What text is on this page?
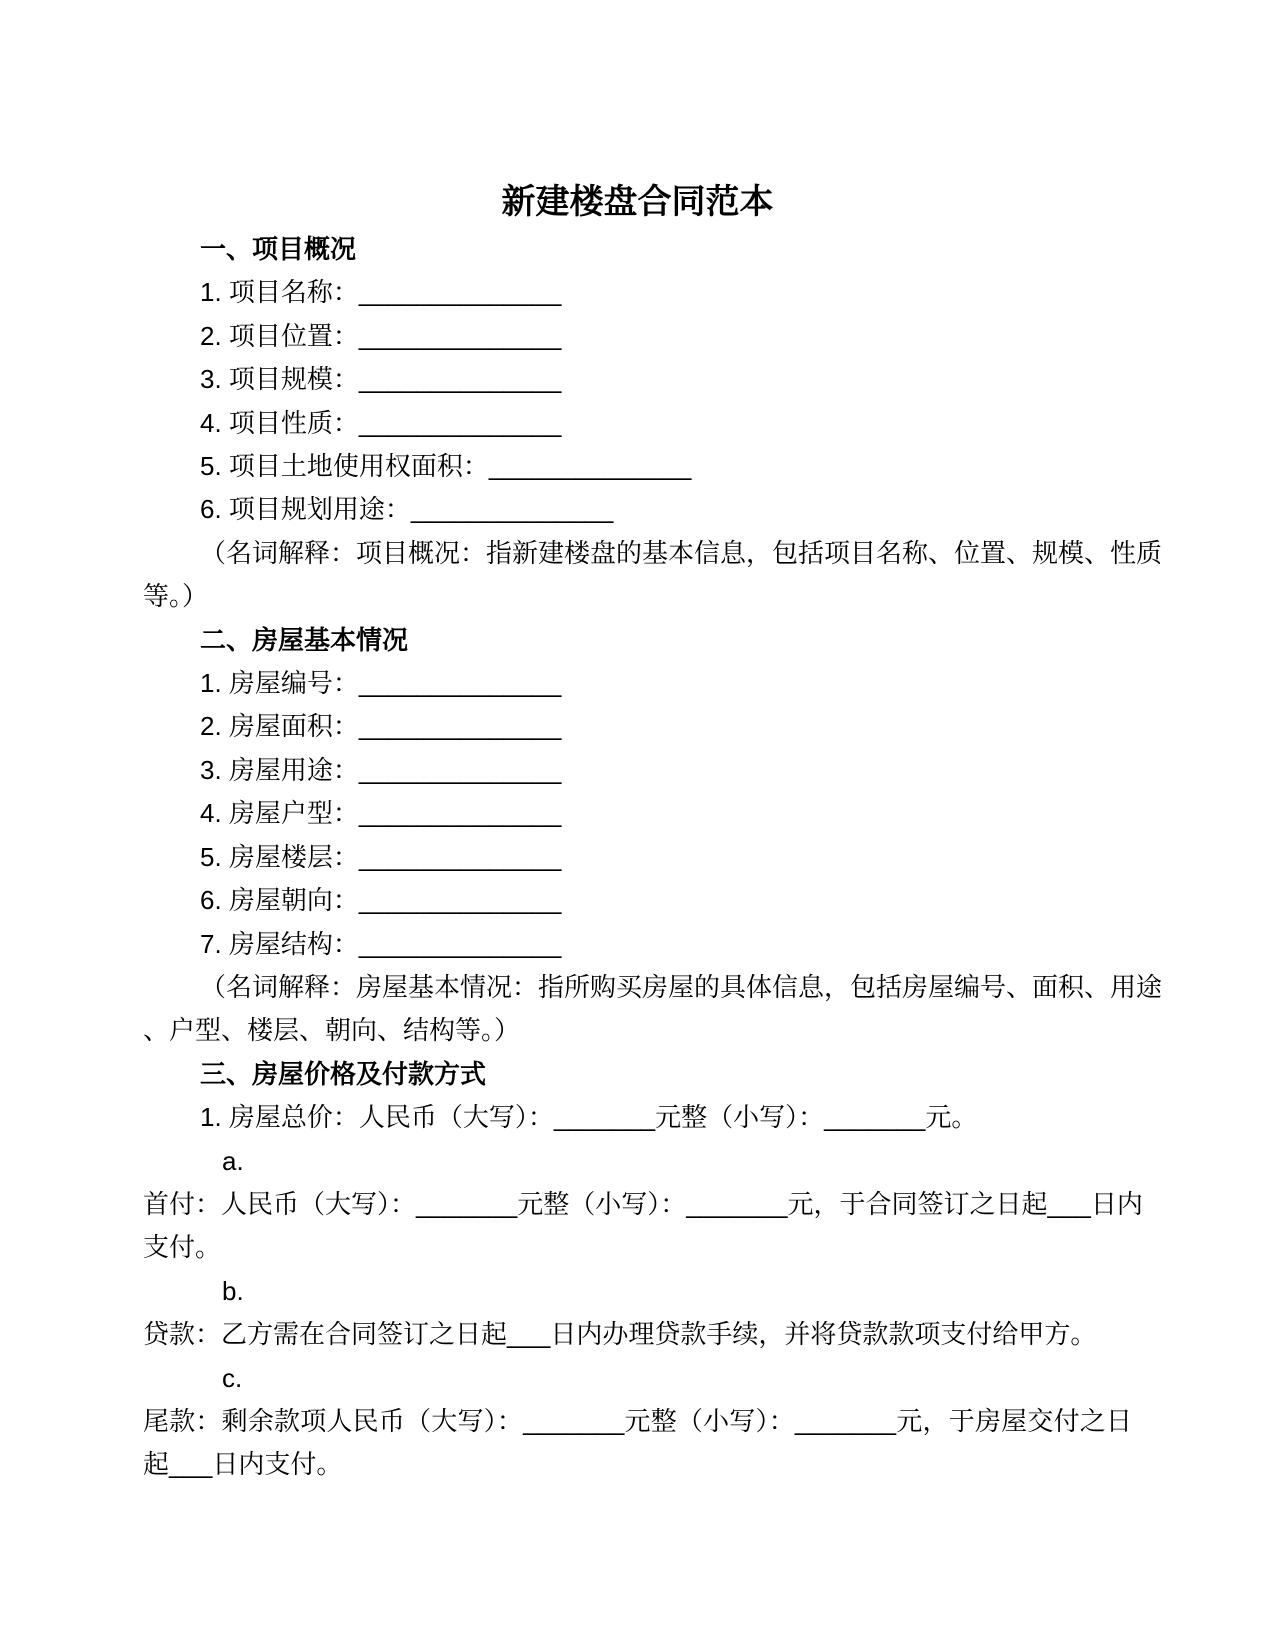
新建楼盘合同范本
一、项目概况
1. 项目名称：______________
2. 项目位置：______________
3. 项目规模：______________
4. 项目性质：______________
5. 项目土地使用权面积：______________
6. 项目规划用途：______________
（名词解释：项目概况：指新建楼盘的基本信息，包括项目名称、位置、规模、性质
等。）
二、房屋基本情况
1. 房屋编号：______________
2. 房屋面积：______________
3. 房屋用途：______________
4. 房屋户型：______________
5. 房屋楼层：______________
6. 房屋朝向：______________
7. 房屋结构：______________
（名词解释：房屋基本情况：指所购买房屋的具体信息，包括房屋编号、面积、用途
、户型、楼层、朝向、结构等。）
三、房屋价格及付款方式
1. 房屋总价：人民币（大写）：_______元整（小写）：_______元。
a.
首付：人民币（大写）：_______元整（小写）：_______元，于合同签订之日起___日内
支付。
b.
贷款：乙方需在合同签订之日起___日内办理贷款手续，并将贷款款项支付给甲方。
c.
尾款：剩余款项人民币（大写）：_______元整（小写）：_______元，于房屋交付之日
起___日内支付。
